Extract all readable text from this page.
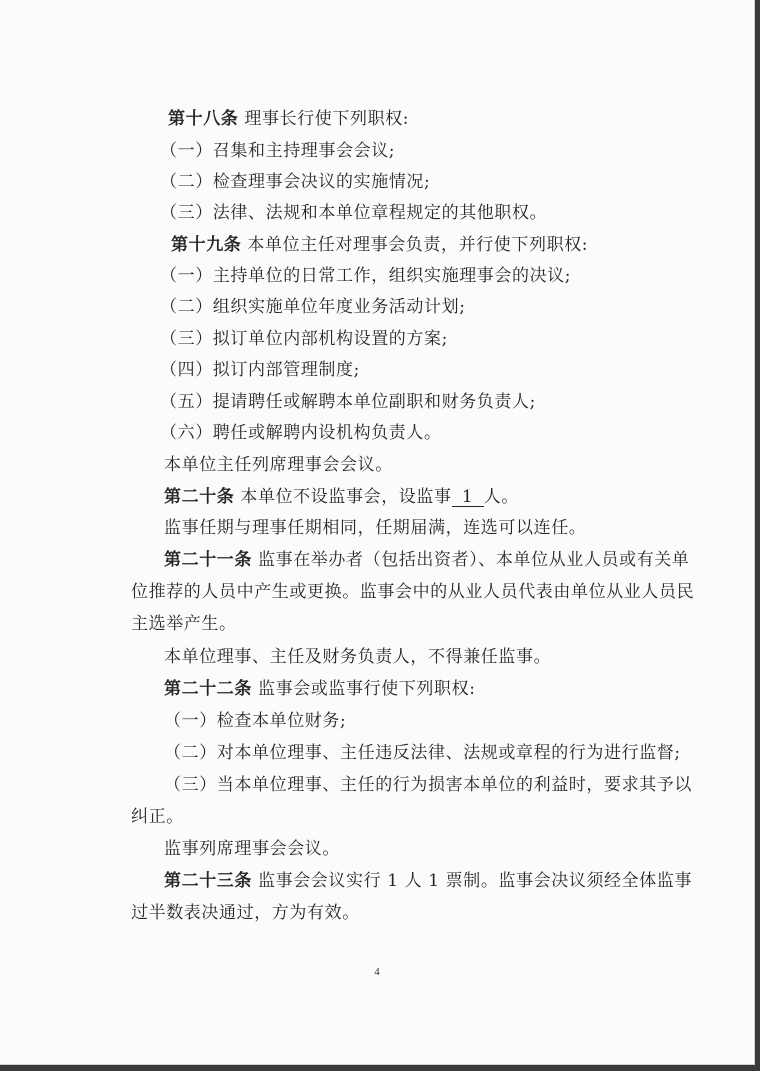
第十八条 理事长行使下列职权:
（一）召集和主持理事会会议;
（二）检查理事会决议的实施情况;
（三）法律、法规和本单位章程规定的其他职权。
第十九条 本单位主任对理事会负责，并行使下列职权:
（一）主持单位的日常工作，组织实施理事会的决议;
（二）组织实施单位年度业务活动计划;
（三）拟订单位内部机构设置的方案;
（四）拟订内部管理制度;
（五）提请聘任或解聘本单位副职和财务负责人;
（六）聘任或解聘内设机构负责人。
本单位主任列席理事会会议。
第二十条 本单位不设监事会，设监事 1 人。
监事任期与理事任期相同，任期届满，连选可以连任。
第二十一条 监事在举办者（包括出资者）、本单位从业人员或有关单
位推荐的人员中产生或更换。监事会中的从业人员代表由单位从业人员民
主选举产生。
本单位理事、主任及财务负责人，不得兼任监事。
第二十二条 监事会或监事行使下列职权:
（一）检查本单位财务;
（二）对本单位理事、主任违反法律、法规或章程的行为进行监督;
（三）当本单位理事、主任的行为损害本单位的利益时，要求其予以
纠正。
监事列席理事会会议。
第二十三条 监事会会议实行 1 人 1 票制。监事会决议须经全体监事
过半数表决通过，方为有效。
4
